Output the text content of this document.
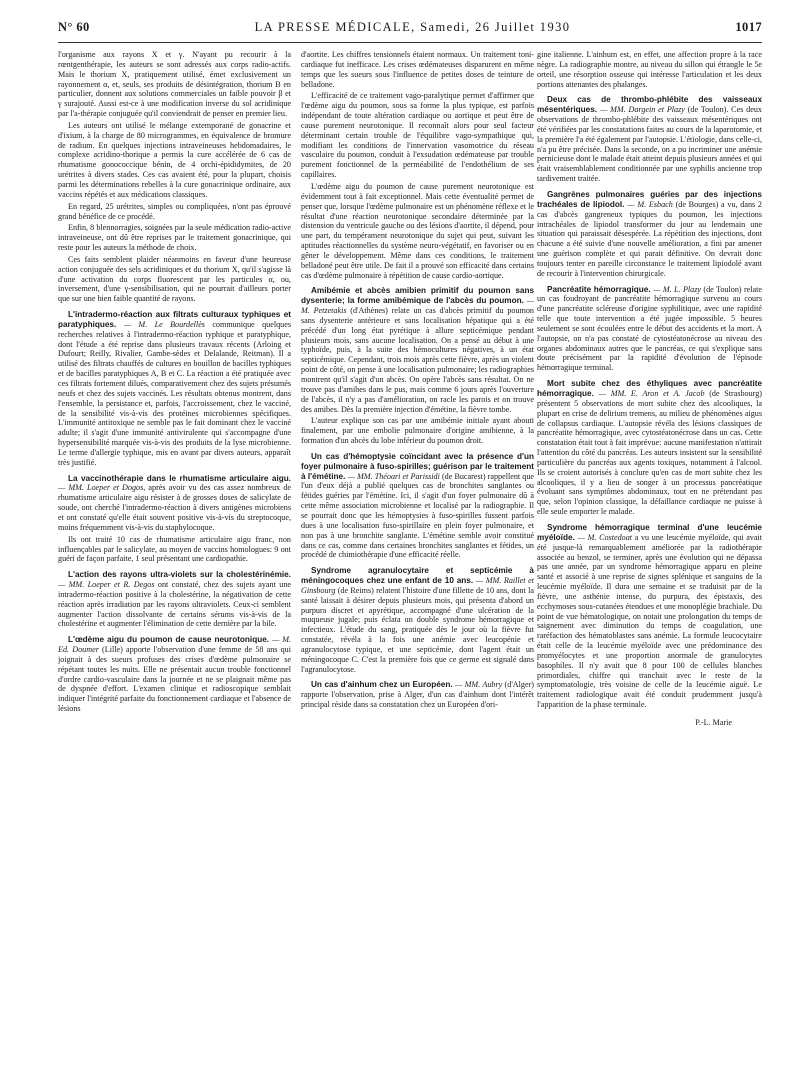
N° 60	LA PRESSE MÉDICALE, Samedi, 26 Juillet 1930	1017

l'organisme aux rayons X et γ. N'ayant pu recourir à la rœntgenthérapie, les auteurs se sont adressés aux corps radio-actifs. Mais le thorium X, pratiquement utilisé, émet exclusivement un rayonnement α, et, seuls, ses produits de désintégration, thorium B en particulier, donnent aux solutions commerciales un faible pouvoir β et γ surajouté. Aussi est-ce à une modification inverse du sol acridinique par l'a-thérapie conjuguée qu'il conviendrait de penser en premier lieu.

Les auteurs ont utilisé le mélange extemporané de gonacrine et d'ixium, à la charge de 80 microgrammes, en équivalence de bromure de radium. En quelques injections intraveineuses hebdomadaires, le complexe acridino-thorique a permis la cure accélérée de 6 cas de rhumatisme gonococcique bénin, de 4 orchi-épididymites, de 20 urétrites à divers stades. Ces cas avaient été, pour la plupart, choisis parmi les déterminations rebelles à la cure gonacrinique ordinaire, aux vaccins répétés et aux médications classiques.

En regard, 25 urétrites, simples ou compliquées, n'ont pas éprouvé grand bénéfice de ce procédé.

Enfin, 8 blennorragies, soignées par la seule médication radio-active intraveineuse, ont dû être reprises par le traitement gonacrinique, qui reste pour les auteurs la méthode de choix.

Ces faits semblent plaider néanmoins en faveur d'une heureuse action conjuguée des sels acridiniques et du thorium X, qu'il s'agisse là d'une activation du corps fluorescent par les particules α, ou, inversement, d'une γ-sensibilisation, qui ne pourrait d'ailleurs porter que sur une bien faible quantité de rayons.

L'intradermo-réaction aux filtrats culturaux typhiques et paratyphiques. — M. Le Bourdellès communique quelques recherches relatives à l'intradermo-réaction typhique et paratyphique, dont l'étude a été reprise dans plusieurs travaux récents (Arloing et Dufourt; Reilly, Rivalier, Gambe-sèdes et Delalande, Reitman). Il a utilisé des filtrats chauffés de cultures en bouillon de bacilles typhiques et de bacilles paratyphiques A, B et C. La réaction a été pratiquée avec ces filtrats fortement dilués, comparativement chez des sujets présumés neufs et chez des sujets vaccinés. Les résultats obtenus montrent, dans l'ensemble, la persistance et, parfois, l'accroissement, chez le vacciné, de la sensibilité vis-à-vis des protéines microbiennes spécifiques. L'immunité antitoxique ne semble pas le fait dominant chez le vacciné adulte; il s'agit d'une immunité antivirulente qui s'accompagne d'une hypersensibilité marquée vis-à-vis des produits de la lyse microbienne. Le terme d'allergie typhique, mis en avant par divers auteurs, apparaît très justifié.

La vaccinothérapie dans le rhumatisme articulaire aigu. — MM. Loeper et Dogos, après avoir vu des cas assez nombreux de rhumatisme articulaire aigu résister à de grosses doses de salicylate de soude, ont cherché l'intradermo-réaction à divers antigènes microbiens et ont constaté qu'elle était souvent positive vis-à-vis du streptocoque, moins fréquemment vis-à-vis du staphylocoque.

Ils ont traité 10 cas de rhumatisme articulaire aigu franc, non influençables par le salicylate, au moyen de vaccins homologues: 9 ont guéri de façon parfaite, 1 seul présentant une cardiopathie.

L'action des rayons ultra-violets sur la cholestérinémie. — MM. Loeper et R. Degos ont constaté, chez des sujets ayant une intradermo-réaction positive à la cholestérine, la négativation de cette réaction après irradiation par les rayons ultraviolets. Ceux-ci semblent augmenter l'action dissolvante de certains sérums vis-à-vis de la cholestérine et augmenter l'élimination de cette dernière par la bile.

L'œdème aigu du poumon de cause neurotonique. — M. Ed. Doumer (Lille) apporte l'observation d'une femme de 58 ans qui joignait à des sueurs profuses des crises d'œdème pulmonaire se répétant toutes les nuits. Elle ne présentait aucun trouble fonctionnel d'ordre cardio-vasculaire dans la journée et ne se plaignait même pas de dyspnée d'effort. L'examen clinique et radioscopique semblait indiquer l'intégrité parfaite du fonctionnement cardiaque et l'absence de lésions

d'aortite. Les chiffres tensionnels étaient normaux. Un traitement toni-cardiaque fut inefficace. Les crises œdémateuses disparurent en même temps que les sueurs sous l'influence de petites doses de teinture de belladone.

L'efficacité de ce traitement vago-paralytique permet d'affirmer que l'œdème aigu du poumon, sous sa forme la plus typique, est parfois indépendant de toute altération cardiaque ou aortique et peut être de cause purement neurotonique. Il reconnaît alors pour seul facteur déterminant certain trouble de l'équilibre vago-sympathique qui, modifiant les conditions de l'innervation vasomotrice du réseau vasculaire du poumon, conduit à l'exsudation œdémateuse par trouble purement fonctionnel de la perméabilité de l'endothélium de ses capillaires.

L'œdème aigu du poumon de cause purement neurotonique est évidemment tout à fait exceptionnel. Mais cette éventualité permet de penser que, lorsque l'œdème pulmonaire est un phénomène réflexe et le résultat d'une réaction neurotonique secondaire déterminée par la distension du ventricule gauche ou des lésions d'aortite, il dépend, pour une part, du tempérament neurotonique du sujet qui peut, suivant les aptitudes réactionnelles du système neuro-végétatif, en favoriser ou en gêner le développement. Même dans ces conditions, le traitement belladoné peut être utile. De fait il a prouvé son efficacité dans certains cas d'œdème pulmonaire à répétition de cause cardio-aortique.

Amibémie et abcès amibien primitif du poumon sans dysenterie; la forme amibémique de l'abcès du poumon. — M. Petzetakis (d'Athènes) relate un cas d'abcès primitif du poumon sans dysenterie antérieure et sans localisation hépatique qui a été précédé d'un long état pyrétique à allure septicémique pendant plusieurs mois, sans aucune localisation. On a pensé au début à une typhoïde, puis, à la suite des hémocultures négatives, à un état septicémique. Cependant, trois mois après cette fièvre, après un violent point de côté, on pense à une localisation pulmonaire; les radiographies montrent qu'il s'agit d'un abcès. On opère l'abcès sans résultat. On ne trouve pas d'amibes dans le pus, mais comme 6 jours après l'ouverture de l'abcès, il n'y a pas d'amélioration, on racle les parois et on trouve des amibes. Dès la première injection d'émétine, la fièvre tombe.

L'auteur explique son cas par une amibémie initiale ayant abouti finalement, par une embolie pulmonaire d'origine amibienne, à la formation d'un abcès du lobe inférieur du poumon droit.

Un cas d'hémoptysie coïncidant avec la présence d'un foyer pulmonaire à fuso-spirilles; guérison par le traitement à l'émétine. — MM. Théoari et Parissidi (de Bucarest) rappellent que l'un d'eux déjà a publié quelques cas de bronchites sanglantes ou fétides guéries par l'émétine. Ici, il s'agit d'un foyer pulmonaire dû à cette même association microbienne et localisé par la radiographie. Il se pourrait donc que les hémoptysies à fuso-spirilles fussent parfois dues à une localisation fuso-spirillaire en plein foyer pulmonaire, et non pas à une bronchite sanglante. L'émétine semble avoir constitué dans ce cas, comme dans certaines bronchites sanglantes et fétides, un procédé de chimiothérapie d'une efficacité réelle.

Syndrome agranulocytaire et septicémie à méningocoques chez une enfant de 10 ans. — MM. Raillet et Ginsbourg (de Reims) relatent l'histoire d'une fillette de 10 ans, dont la santé laissait à désirer depuis plusieurs mois, qui présenta d'abord un purpura discret et apyrétique, accompagné d'une ulcération de la muqueuse jugale; puis éclata un double syndrome hémorragique et infectieux. L'étude du sang, pratiquée dès le jour où la fièvre fut constatée, révéla à la fois une anémie avec leucopénie et agranulocytose typique, et une septicémie, dont l'agent était un méningocoque C. C'est la première fois que ce germe est signalé dans l'agranulocytose.

Un cas d'ainhum chez un Européen. — MM. Aubry (d'Alger) rapporte l'observation, prise à Alger, d'un cas d'ainhum dont l'intérêt principal réside dans sa constatation chez un Européen d'ori-

gine italienne. L'ainhum est, en effet, une affection propre à la race nègre. La radiographie montre, au niveau du sillon qui étrangle le 5e orteil, une résorption osseuse qui intéresse l'articulation et les deux portions attenantes des phalanges.

Deux cas de thrombo-phlébite des vaisseaux mésentériques. — MM. Dargein et Plazy (de Toulon). Ces deux observations de thrombo-phlébite des vaisseaux mésentériques ont été vérifiées par les constatations faites au cours de la laparotomie, et la première l'a été également par l'autopsie. L'étiologie, dans celle-ci, n'a pu être précisée. Dans la seconde, on a pu incriminer une anémie pernicieuse dont le malade était atteint depuis plusieurs années et qui était vraisemblablement conditionnée par une syphilis ancienne trop tardivement traitée.

Gangrènes pulmonaires guéries par des injections trachéales de lipiodol. — M. Esbach (de Bourges) a vu, dans 2 cas d'abcès gangreneux typiques du poumon, les injections intrachéales de lipiodol transformer du jour au lendemain une situation qui paraissait désespérée. La répétition des injections, dont chacune a été suivie d'une nouvelle amélioration, a fini par amener une guérison complète et qui parait définitive. On devrait donc toujours tenter en pareille circonstance le traitement lipiodolé avant de recourir à l'intervention chirurgicale.

Pancréatite hémorragique. — M. L. Plazy (de Toulon) relate un cas foudroyant de pancréatite hémorragique survenu au cours d'une pancréatite scléreuse d'origine syphilitique, avec une rapidité telle que toute intervention a été jugée impossible. 5 heures seulement se sont écoulées entre le début des accidents et la mort. A l'autopsie, on n'a pas constaté de cytostéatonécrose au niveau des organes abdominaux autres que le pancréas, ce qui s'explique sans doute précisément par la rapidité d'évolution de l'épisode hémorragique terminal.

Mort subite chez des éthyliques avec pancréatite hémorragique. — MM. E. Aron et A. Jacob (de Strasbourg) présentent 5 observations de mort subite chez des alcooliques, la plupart en crise de delirium tremens, au milieu de phénomènes aigus de collapsus cardiaque. L'autopsie révéla des lésions classiques de pancréatite hémorragique, avec cytostéatonécrose dans un cas. Cette constatation était tout à fait imprévue: aucune manifestation n'attirait l'attention du côté du pancréas. Les auteurs insistent sur la sensibilité particulière du pancréas aux agents toxiques, notamment à l'alcool. Ils se croient autorisés à conclure qu'en cas de mort subite chez les alcooliques, il y a lieu de songer à un processus pancréatique évoluant sans symptômes abdominaux, tout en ne prétendant pas que, selon l'opinion classique, la défaillance cardiaque ne puisse à elle seule emporter le malade.

Syndrome hémorragique terminal d'une leucémie myéloïde. — M. Costedoat a vu une leucémie myéloïde, qui avait été jusque-là remarquablement améliorée par la radiothérapie associée au benzol, se terminer, après une évolution qui ne dépassa pas une année, par un syndrome hémorragique apparu en pleine santé et associé à une reprise de signes splénique et sanguins de la leucémie myéloïde. Il dura une semaine et se traduisit par de la fièvre, une asthénie intense, du purpura, des épistaxis, des ecchymoses sous-cutanées étendues et une monoplégie brachiale. Du point de vue hématologique, on notait une prolongation du temps de saignement avec diminution du temps de coagulation, une raréfaction des hématoblastes sans anémie. La formule leucocytaire était celle de la leucémie myéloïde avec une prédominance des promyélocytes et une proportion anormale de granulocytes basophiles. Il n'y avait que 8 pour 100 de cellules blanches primordiales, chiffre qui tranchait avec le reste de la symptomatologie, très voisine de celle de la leucémie aiguë. Le traitement radiologique avait été conduit prudemment jusqu'à l'apparition de la phase terminale.

P.-L. Marie
